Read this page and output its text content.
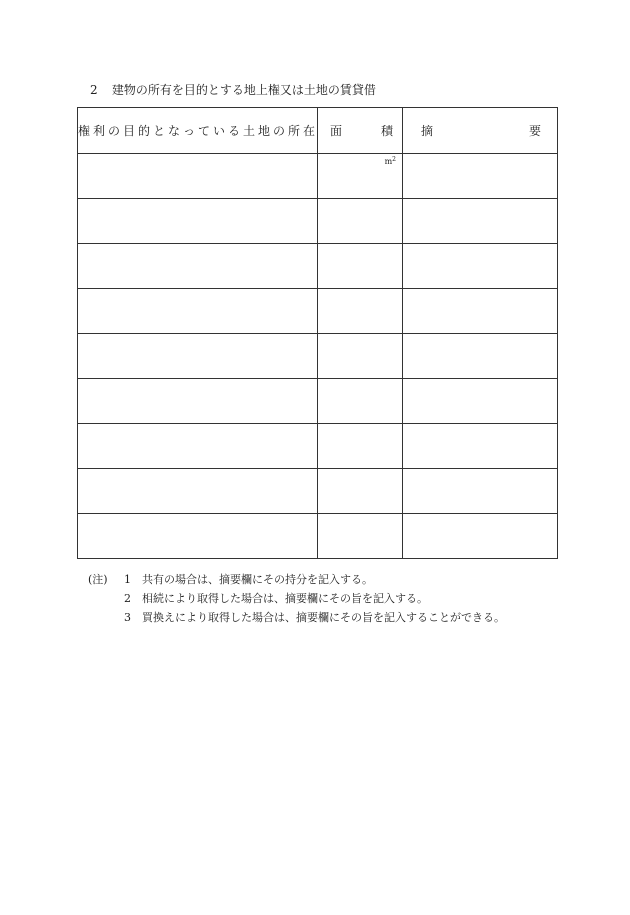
2 建物の所有を目的とする地上権又は土地の賃貸借
権利の目的となっている土地の所在	面 積	摘 要

	$m^2$

(注)	1	共有の場合は、摘要欄にその持分を記入する。
2	相続により取得した場合は、摘要欄にその旨を記入する。
3	買換えにより取得した場合は、摘要欄にその旨を記入することができる。
